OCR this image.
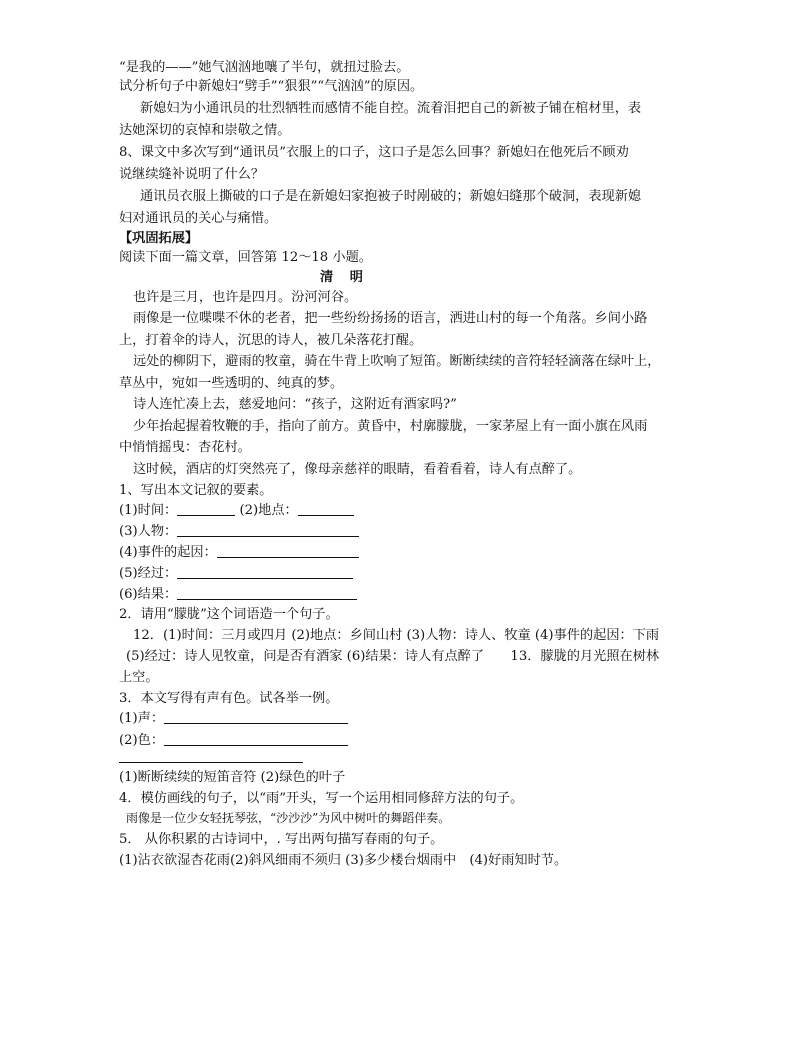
“是我的——”她气汹汹地嚷了半句，就扭过脸去。
试分析句子中新媳妇“劈手”“狠狠”“气汹汹”的原因。
新媳妇为小通讯员的壮烈牺牲而感情不能自控。流着泪把自己的新被子铺在棺材里，表
达她深切的哀悼和崇敬之情。
8、课文中多次写到“通讯员”衣服上的口子，这口子是怎么回事？新媳妇在他死后不顾劝
说继续缝补说明了什么？
通讯员衣服上撕破的口子是在新媳妇家抱被子时剐破的；新媳妇缝那个破洞，表现新媳
妇对通讯员的关心与痛惜。
【巩固拓展】
阅读下面一篇文章，回答第 12～18 小题。
清 明
也许是三月，也许是四月。汾河河谷。
雨像是一位喋喋不休的老者，把一些纷纷扬扬的语言，洒进山村的每一个角落。乡间小路
上，打着伞的诗人，沉思的诗人，被几朵落花打醒。
远处的柳阴下，避雨的牧童，骑在牛背上吹响了短笛。断断续续的音符轻轻滴落在绿叶上，
草丛中，宛如一些透明的、纯真的梦。
诗人连忙凑上去，慈爱地问：“孩子，这附近有酒家吗?”
少年抬起握着牧鞭的手，指向了前方。黄昏中，村廓朦胧，一家茅屋上有一面小旗在风雨
中悄悄摇曳：杏花村。
这时候，酒店的灯突然亮了，像母亲慈祥的眼睛，看着看着，诗人有点醉了。
1、写出本文记叙的要素。
(1)时间：	(2)地点：
(3)人物：
(4)事件的起因：
(5)经过：
(6)结果：
2．请用“朦胧”这个词语造一个句子。
12．(1)时间：三月或四月 (2)地点：乡间山村 (3)人物：诗人、牧童 (4)事件的起因：下雨
(5)经过：诗人见牧童，问是否有酒家 (6)结果：诗人有点醉了　　13．朦胧的月光照在树林
上空。
3．本文写得有声有色。试各举一例。
(1)声：
(2)色：
(1)断断续续的短笛音符 (2)绿色的叶子
4．模仿画线的句子，以“雨”开头，写一个运用相同修辞方法的句子。
雨像是一位少女轻抚琴弦，“沙沙沙”为风中树叶的舞蹈伴奏。
5． 从你积累的古诗词中，. 写出两句描写春雨的句子。
(1)沾衣欲湿杏花雨(2)斜风细雨不须归 (3)多少楼台烟雨中　(4)好雨知时节。
